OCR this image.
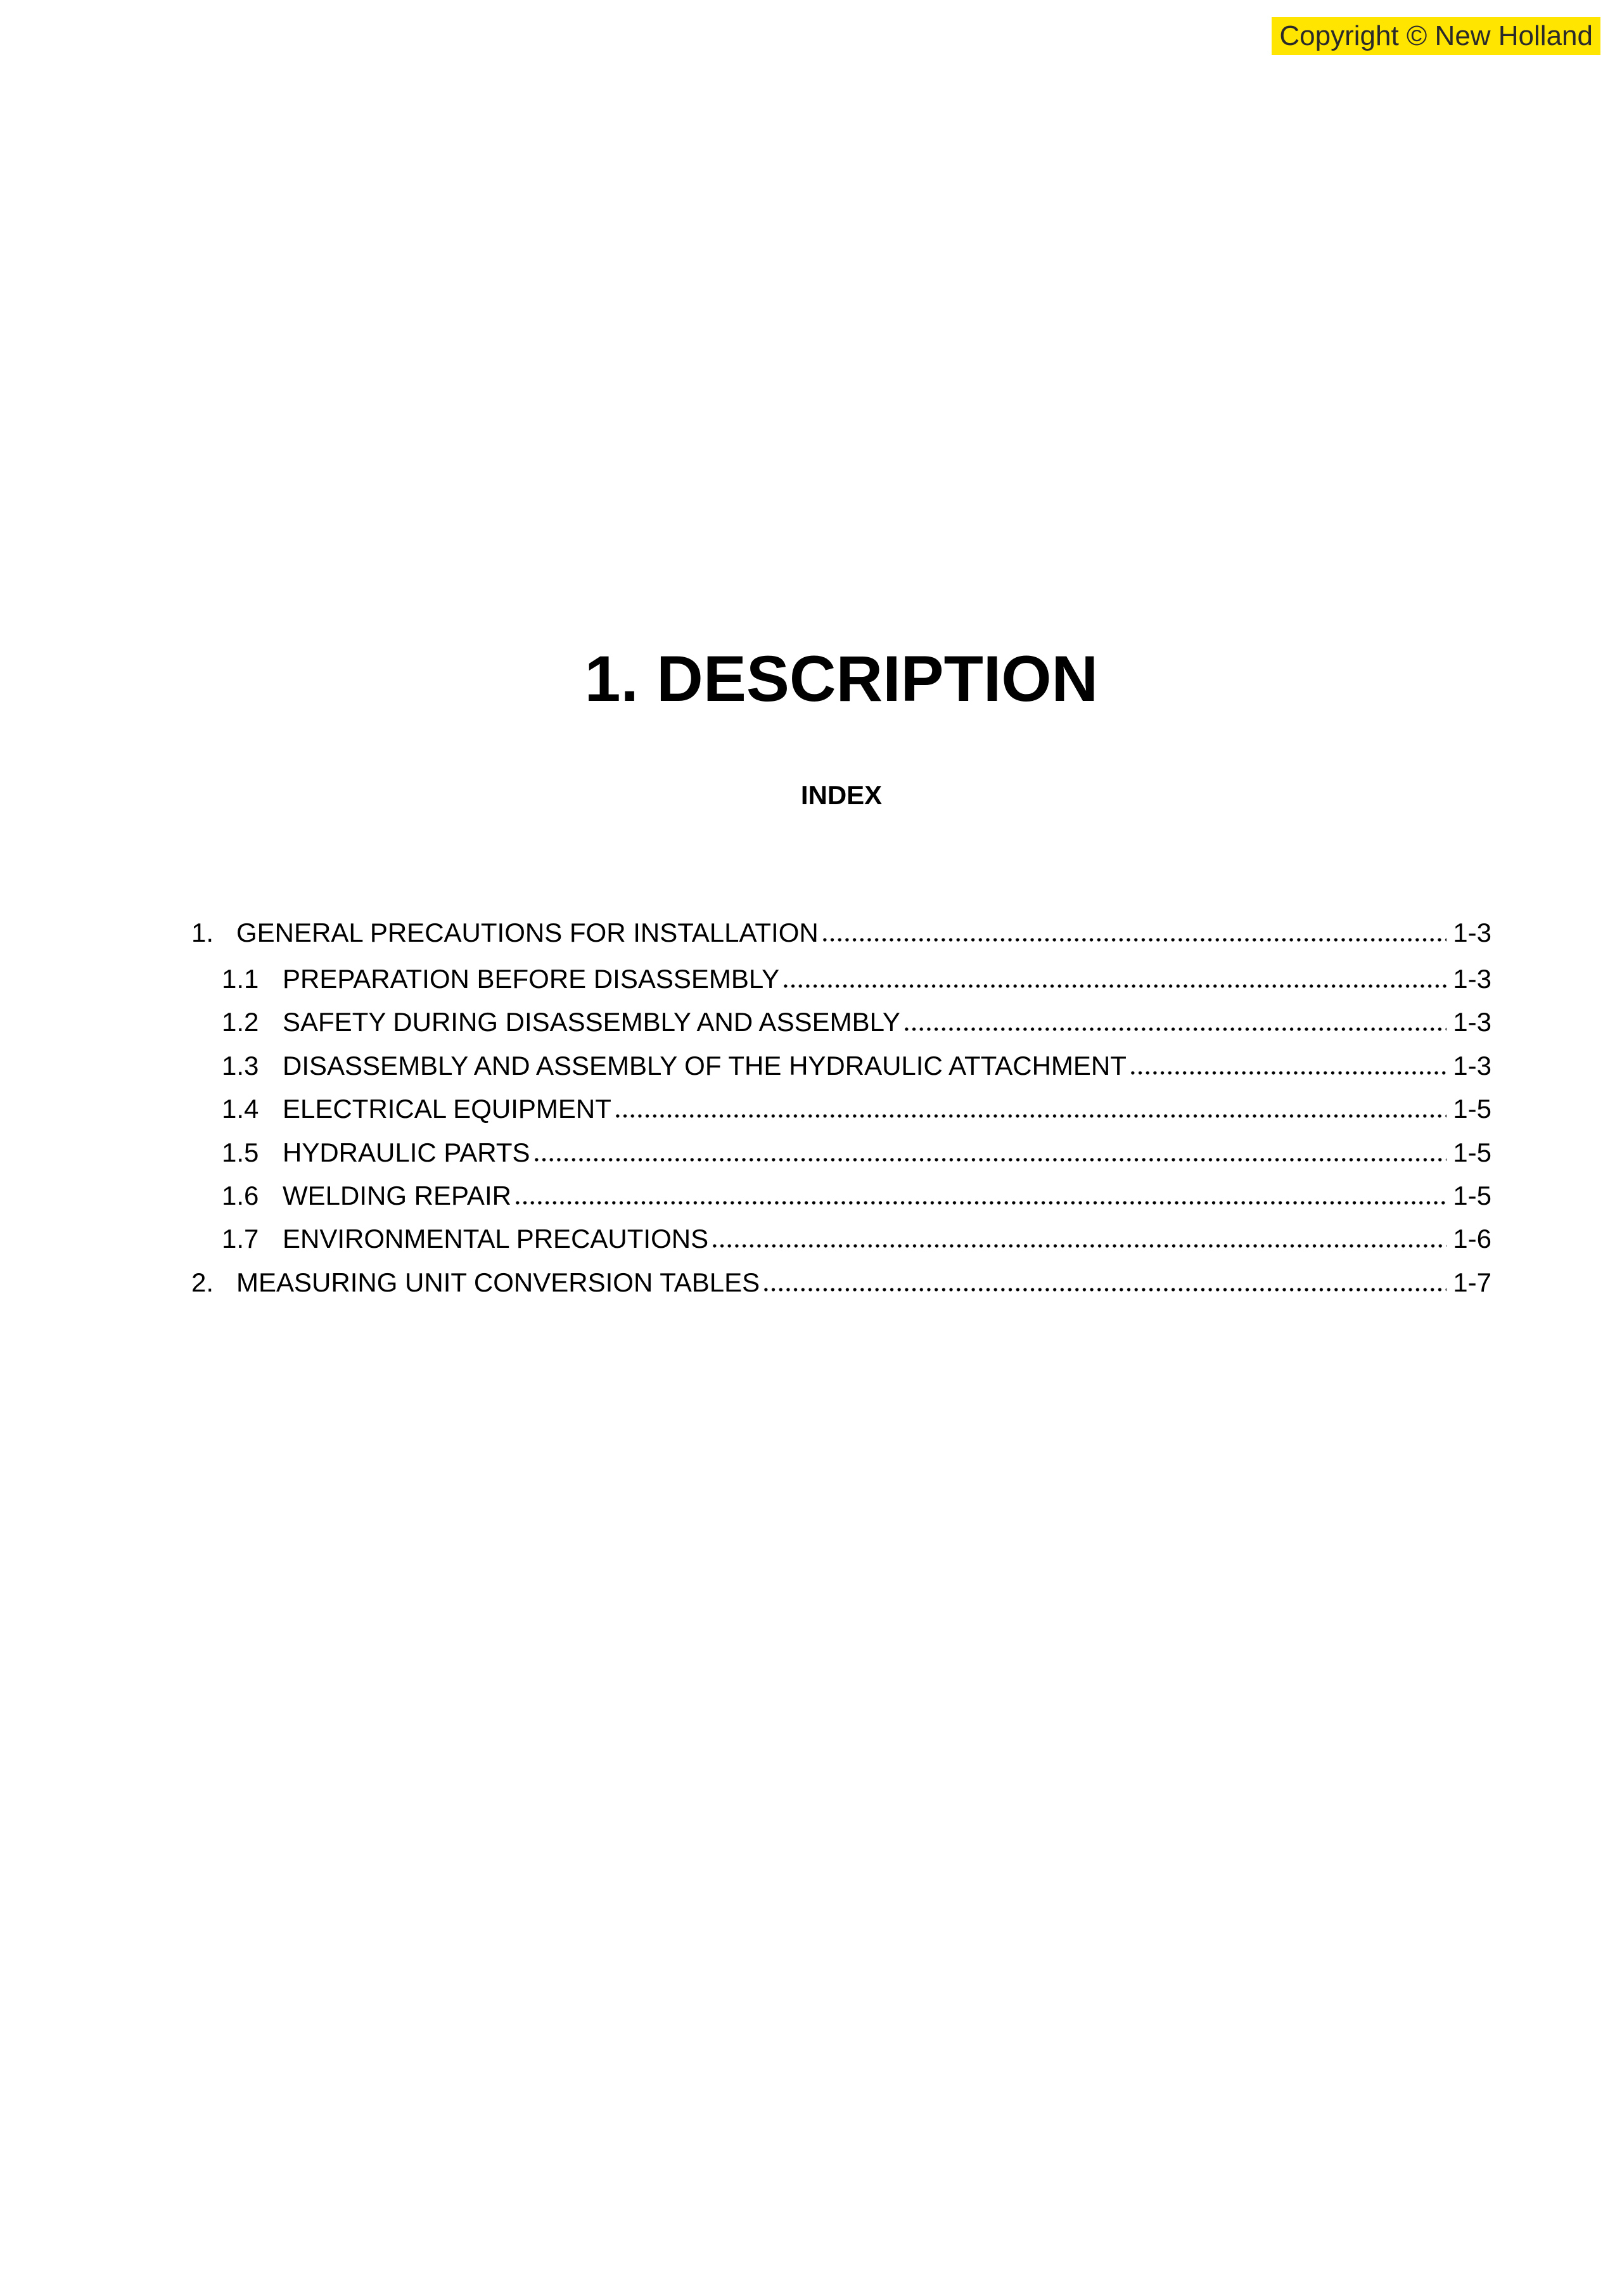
Copyright © New Holland
1. DESCRIPTION
INDEX
1. GENERAL PRECAUTIONS FOR INSTALLATION	1-3
1.1 PREPARATION BEFORE DISASSEMBLY	1-3
1.2 SAFETY DURING DISASSEMBLY AND ASSEMBLY	1-3
1.3 DISASSEMBLY AND ASSEMBLY OF THE HYDRAULIC ATTACHMENT	1-3
1.4 ELECTRICAL EQUIPMENT	1-5
1.5 HYDRAULIC PARTS	1-5
1.6 WELDING REPAIR	1-5
1.7 ENVIRONMENTAL PRECAUTIONS	1-6
2. MEASURING UNIT CONVERSION TABLES	1-7
